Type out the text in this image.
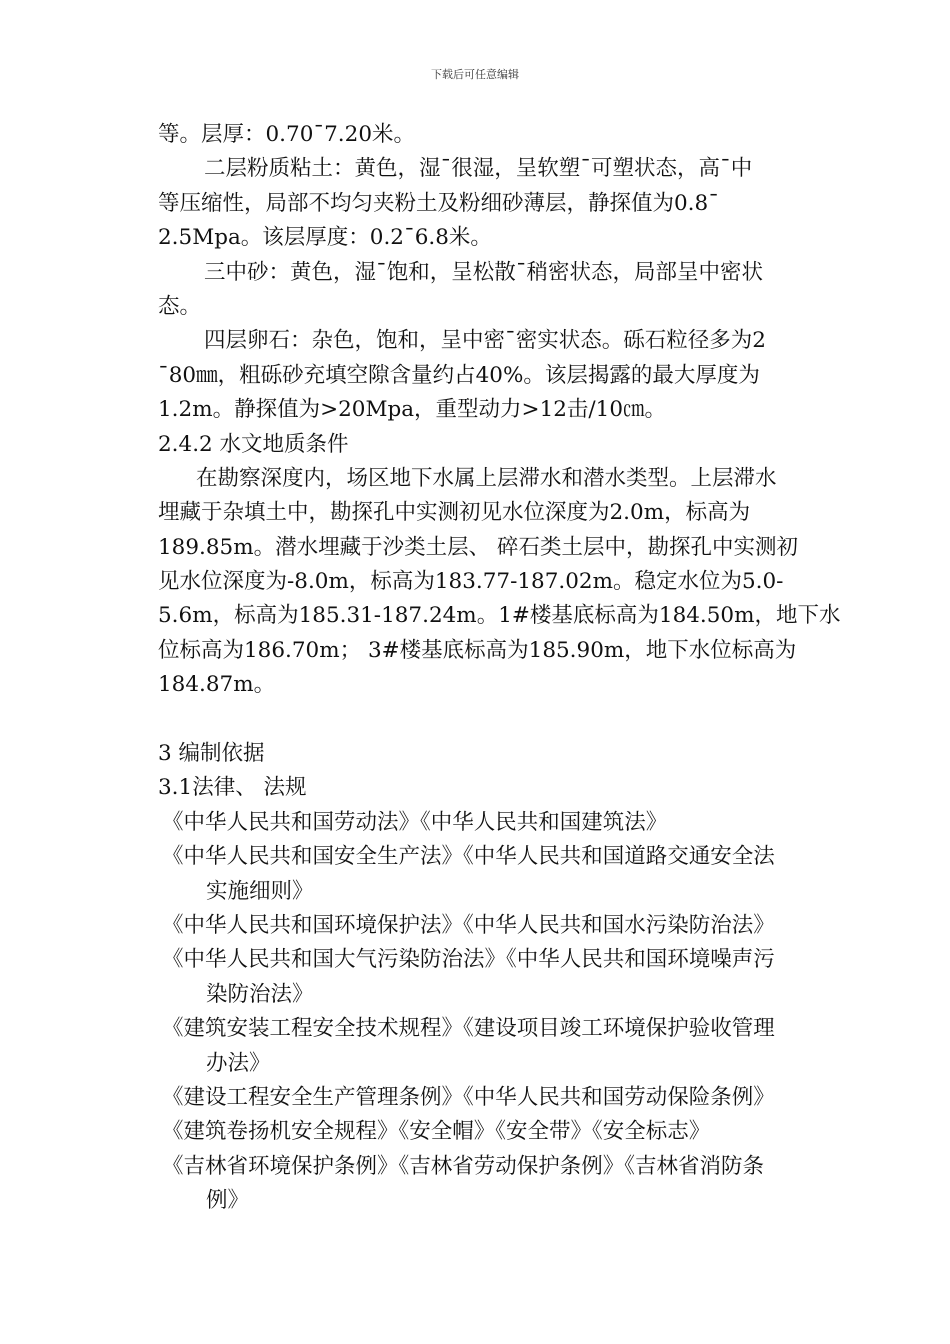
下载后可任意编辑
等。层厚：0.70¯7.20米。
二层粉质粘土：黄色，湿¯很湿，呈软塑¯可塑状态，高¯中
等压缩性，局部不均匀夹粉土及粉细砂薄层，静探值为0.8¯
2.5Mpa。该层厚度：0.2¯6.8米。
三中砂：黄色，湿¯饱和，呈松散¯稍密状态，局部呈中密状
态。
四层卵石：杂色，饱和，呈中密¯密实状态。砾石粒径多为2
¯80㎜，粗砾砂充填空隙含量约占40%。该层揭露的最大厚度为
1.2m。静探值为>20Mpa，重型动力>12击/10㎝。
2.4.2 水文地质条件
在勘察深度内，场区地下水属上层滞水和潜水类型。上层滞水
埋藏于杂填土中，勘探孔中实测初见水位深度为2.0m，标高为
189.85m。潜水埋藏于沙类土层、 碎石类土层中，勘探孔中实测初
见水位深度为-8.0m，标高为183.77-187.02m。稳定水位为5.0-
5.6m，标高为185.31-187.24m。1#楼基底标高为184.50m，地下水
位标高为186.70m； 3#楼基底标高为185.90m，地下水位标高为
184.87m。
3 编制依据
3.1法律、 法规
《中华人民共和国劳动法》《中华人民共和国建筑法》
《中华人民共和国安全生产法》《中华人民共和国道路交通安全法
实施细则》
《中华人民共和国环境保护法》《中华人民共和国水污染防治法》
《中华人民共和国大气污染防治法》《中华人民共和国环境噪声污
染防治法》
《建筑安装工程安全技术规程》《建设项目竣工环境保护验收管理
办法》
《建设工程安全生产管理条例》《中华人民共和国劳动保险条例》
《建筑卷扬机安全规程》《安全帽》《安全带》《安全标志》
《吉林省环境保护条例》《吉林省劳动保护条例》《吉林省消防条
例》
